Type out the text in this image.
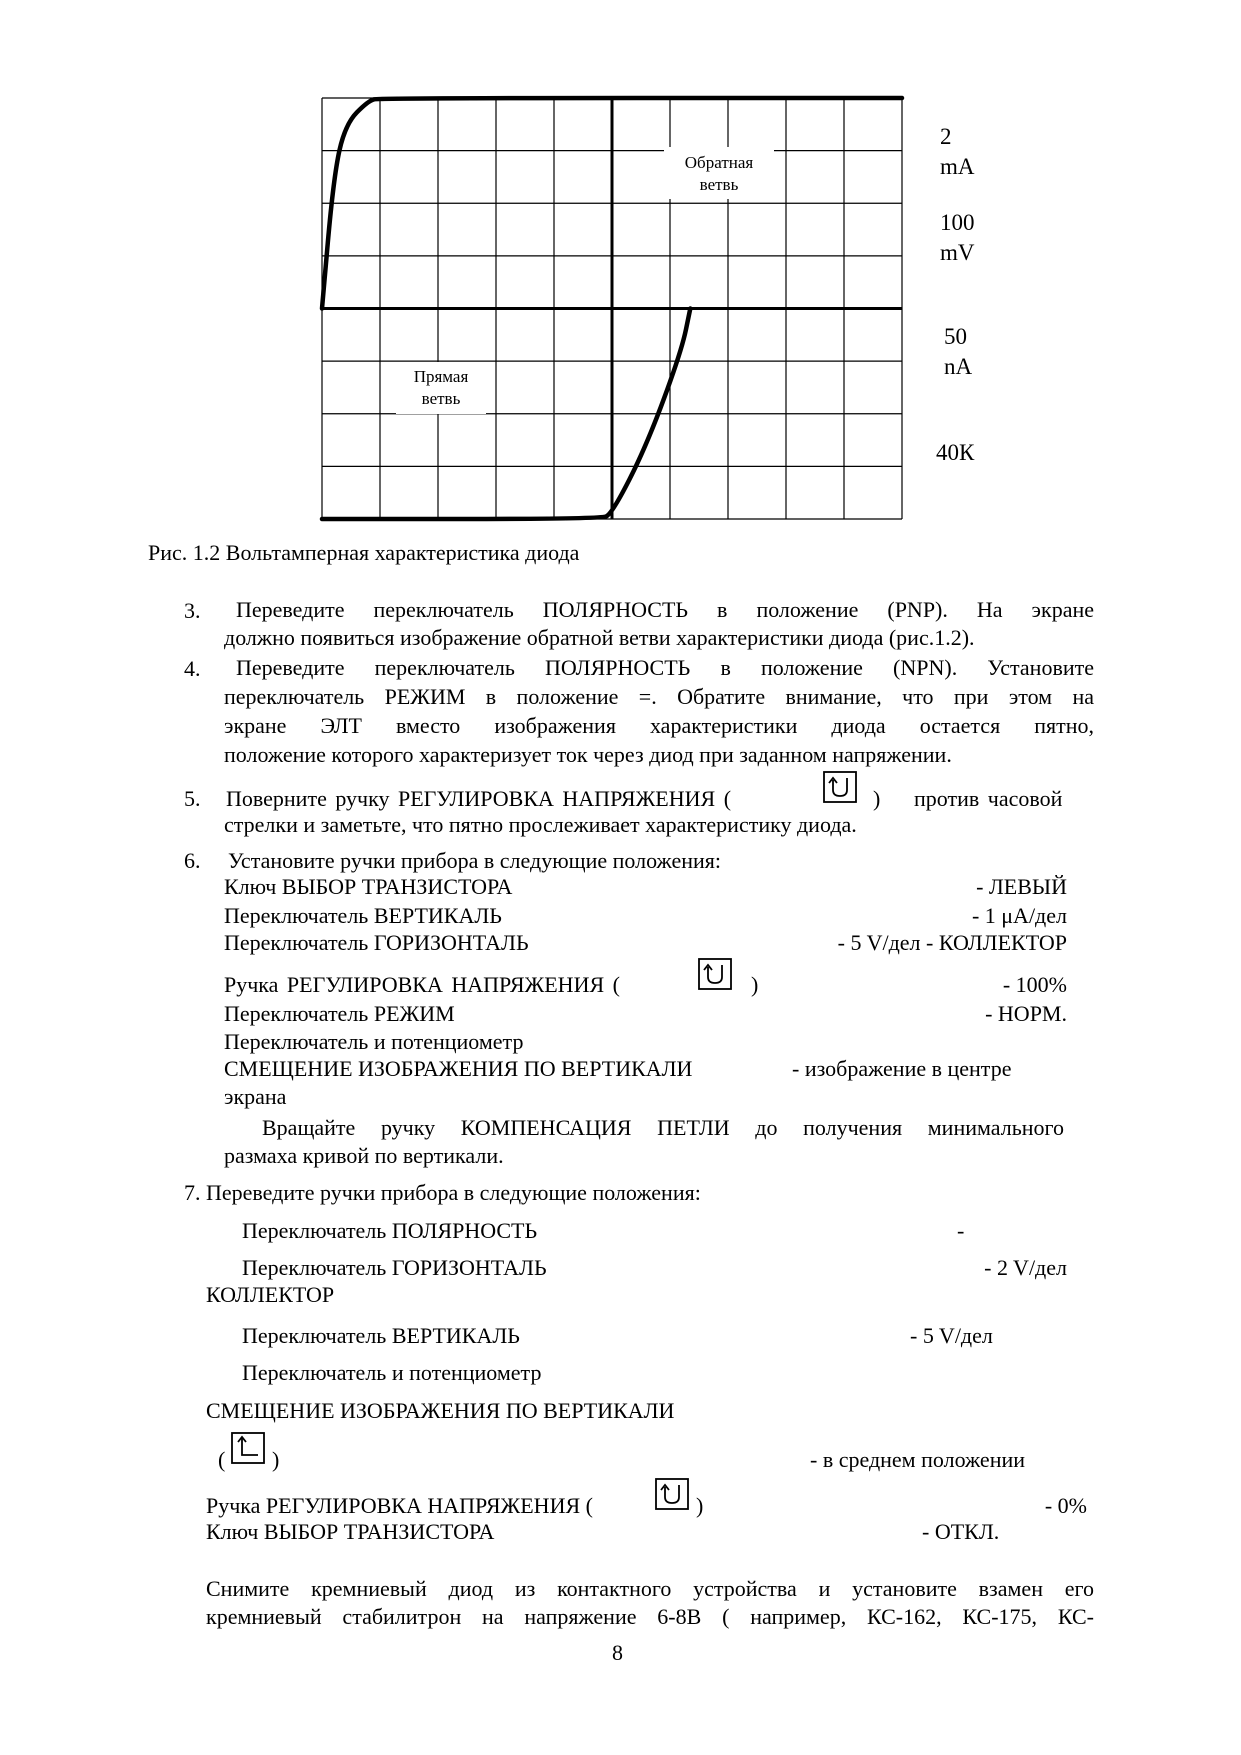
Обратная
ветвь
Прямая
ветвь
2
mA
100
mV
50
nA
40К
Рис. 1.2 Вольтамперная характеристика диода
3. Переведите переключатель ПОЛЯРНОСТЬ в положение (PNP). На экране
должно появиться изображение обратной ветви характеристики диода (рис.1.2).
4. Переведите переключатель ПОЛЯРНОСТЬ в положение (NPN). Установите
переключатель РЕЖИМ в положение =. Обратите внимание, что при этом на
экране ЭЛТ вместо изображения характеристики диода остается пятно,
положение которого характеризует ток через диод при заданном напряжении.
5. Поверните ручку РЕГУЛИРОВКА НАПРЯЖЕНИЯ (	) против часовой
стрелки и заметьте, что пятно прослеживает характеристику диода.
6. Установите ручки прибора в следующие положения:
Ключ ВЫБОР ТРАНЗИСТОРА	- ЛЕВЫЙ
Переключатель ВЕРТИКАЛЬ	- 1 μA/дел
Переключатель ГОРИЗОНТАЛЬ	- 5 V/дел - КОЛЛЕКТОР
Ручка РЕГУЛИРОВКА НАПРЯЖЕНИЯ (	)	- 100%
Переключатель РЕЖИМ	- НОРМ.
Переключатель и потенциометр
СМЕЩЕНИЕ ИЗОБРАЖЕНИЯ ПО ВЕРТИКАЛИ	- изображение в центре
экрана
Вращайте ручку КОМПЕНСАЦИЯ ПЕТЛИ до получения минимального
размаха кривой по вертикали.
7. Переведите ручки прибора в следующие положения:
Переключатель ПОЛЯРНОСТЬ	-
Переключатель ГОРИЗОНТАЛЬ	- 2 V/дел
КОЛЛЕКТОР
Переключатель ВЕРТИКАЛЬ	- 5 V/дел
Переключатель и потенциометр
СМЕЩЕНИЕ ИЗОБРАЖЕНИЯ ПО ВЕРТИКАЛИ
( )	- в среднем положении
Ручка РЕГУЛИРОВКА НАПРЯЖЕНИЯ (	)	- 0%
Ключ ВЫБОР ТРАНЗИСТОРА	- ОТКЛ.
Снимите кремниевый диод из контактного устройства и установите взамен его
кремниевый стабилитрон на напряжение 6-8В ( например, КС-162, КС-175, КС-
8
